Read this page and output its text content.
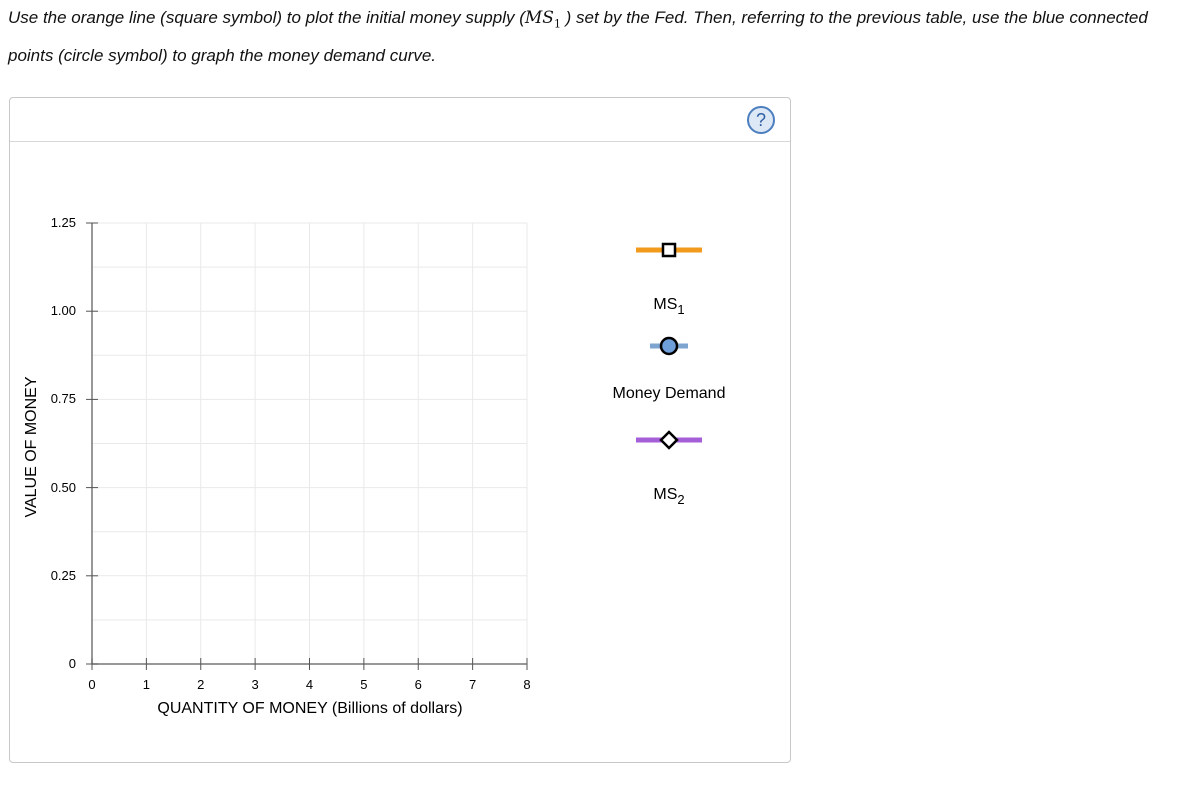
Use the orange line (square symbol) to plot the initial money supply ($MS_1$ ) set by the Fed. Then, referring to the previous table, use the blue connected points (circle symbol) to graph the money demand curve.
?
VALUE OF MONEY
0
0.25
0.50
0.75
1.00
1.25
0	1	2	3	4	5	6	7	8
QUANTITY OF MONEY (Billions of dollars)
$MS_1$
Money Demand
$MS_2$
